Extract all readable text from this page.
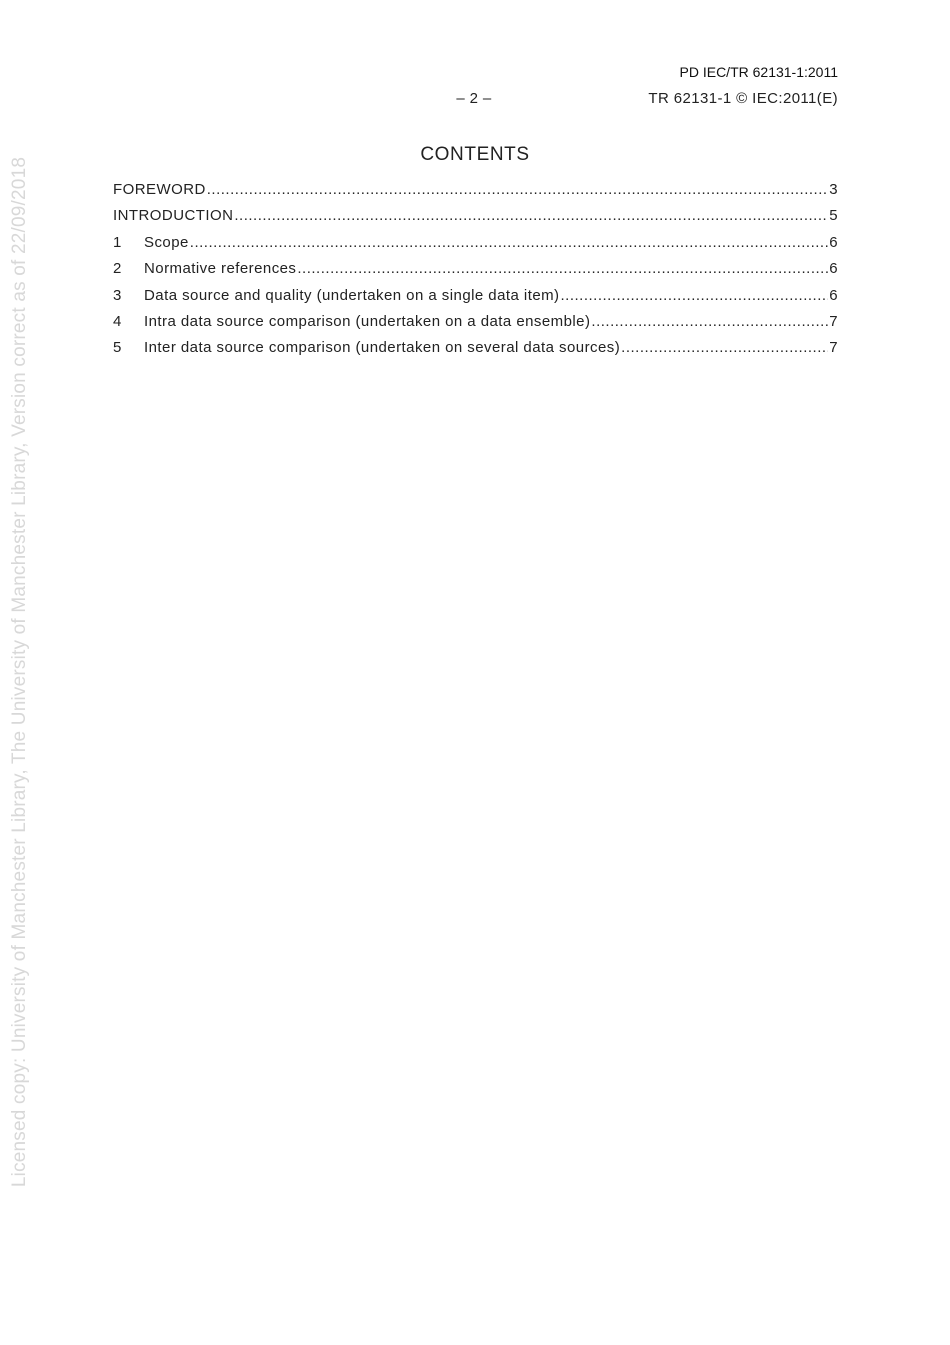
Licensed copy: University of Manchester Library, The University of Manchester Library, Version correct as of 22/09/2018
PD IEC/TR 62131-1:2011
– 2 –	TR 62131-1 © IEC:2011(E)
CONTENTS
FOREWORD .....	3
INTRODUCTION .....	5
1	Scope .....	6
2	Normative references .....	6
3	Data source and quality (undertaken on a single data item) .....	6
4	Intra data source comparison (undertaken on a data ensemble) .....	7
5	Inter data source comparison (undertaken on several data sources) .....	7
